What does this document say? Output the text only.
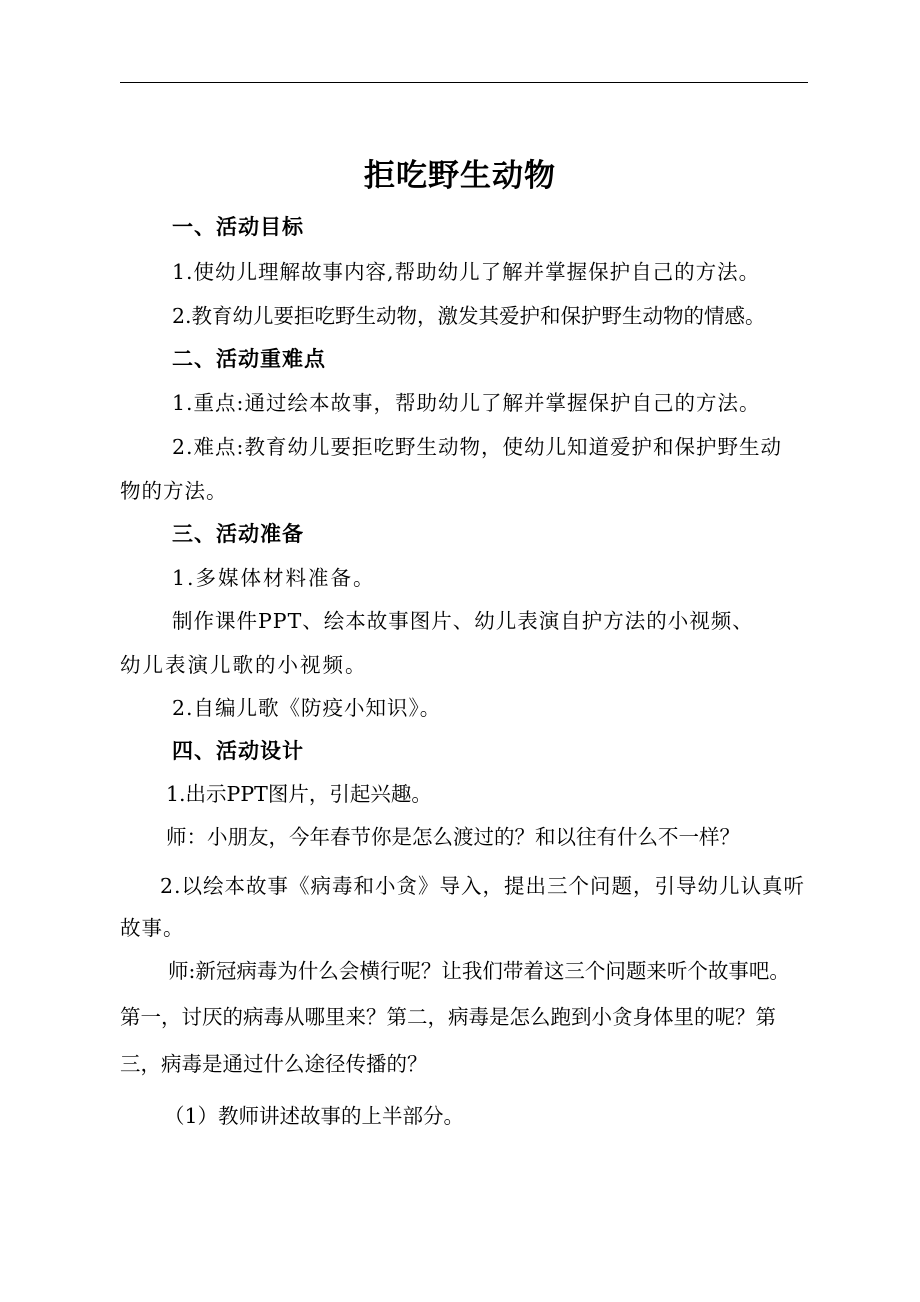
拒吃野生动物
一、活动目标
1.使幼儿理解故事内容,帮助幼儿了解并掌握保护自己的方法。
2.教育幼儿要拒吃野生动物，激发其爱护和保护野生动物的情感。
二、活动重难点
1.重点:通过绘本故事，帮助幼儿了解并掌握保护自己的方法。
2.难点:教育幼儿要拒吃野生动物，使幼儿知道爱护和保护野生动
物的方法。
三、活动准备
1.多媒体材料准备。
制作课件PPT、绘本故事图片、幼儿表演自护方法的小视频、
幼儿表演儿歌的小视频。
2.自编儿歌《防疫小知识》。
四、活动设计
1.出示PPT图片，引起兴趣。
师：小朋友，今年春节你是怎么渡过的？和以往有什么不一样？
2.以绘本故事《病毒和小贪》导入，提出三个问题，引导幼儿认真听
故事。
师:新冠病毒为什么会横行呢？让我们带着这三个问题来听个故事吧。
第一，讨厌的病毒从哪里来？第二，病毒是怎么跑到小贪身体里的呢？第
三，病毒是通过什么途径传播的？
（1）教师讲述故事的上半部分。
